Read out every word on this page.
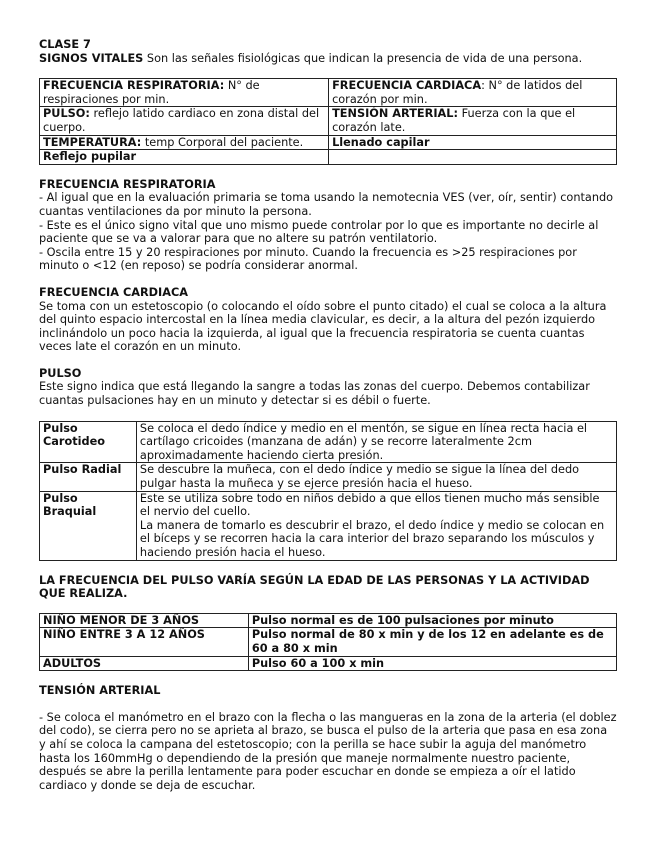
CLASE 7

SIGNOS VITALES Son las señales fisiológicas que indican la presencia de vida de una persona.

FRECUENCIA RESPIRATORIA: N° de respiraciones por min.	FRECUENCIA CARDIACA: N° de latidos del corazón por min.
PULSO: reflejo latido cardiaco en zona distal del cuerpo.	TENSIÓN ARTERIAL: Fuerza con la que el corazón late.
TEMPERATURA: temp Corporal del paciente.	Llenado capilar
Reflejo pupilar	

FRECUENCIA RESPIRATORIA

- Al igual que en la evaluación primaria se toma usando la nemotecnia VES (ver, oír, sentir) contando cuantas ventilaciones da por minuto la persona.

- Este es el único signo vital que uno mismo puede controlar por lo que es importante no decirle al paciente que se va a valorar para que no altere su patrón ventilatorio.

- Oscila entre 15 y 20 respiraciones por minuto. Cuando la frecuencia es >25 respiraciones por minuto o <12 (en reposo) se podría considerar anormal.

FRECUENCIA CARDIACA

Se toma con un estetoscopio (o colocando el oído sobre el punto citado) el cual se coloca a la altura del quinto espacio intercostal en la línea media clavicular, es decir, a la altura del pezón izquierdo inclinándolo un poco hacia la izquierda, al igual que la frecuencia respiratoria se cuenta cuantas veces late el corazón en un minuto.

PULSO

Este signo indica que está llegando la sangre a todas las zonas del cuerpo. Debemos contabilizar cuantas pulsaciones hay en un minuto y detectar si es débil o fuerte.

Pulso Carotideo	Se coloca el dedo índice y medio en el mentón, se sigue en línea recta hacia el cartílago cricoides (manzana de adán) y se recorre lateralmente 2cm aproximadamente haciendo cierta presión.
Pulso Radial	Se descubre la muñeca, con el dedo índice y medio se sigue la línea del dedo pulgar hasta la muñeca y se ejerce presión hacia el hueso.
Pulso Braquial	Este se utiliza sobre todo en niños debido a que ellos tienen mucho más sensible el nervio del cuello.

La manera de tomarlo es descubrir el brazo, el dedo índice y medio se colocan en el bíceps y se recorren hacia la cara interior del brazo separando los músculos y haciendo presión hacia el hueso.

LA FRECUENCIA DEL PULSO VARÍA SEGÚN LA EDAD DE LAS PERSONAS Y LA ACTIVIDAD QUE REALIZA.

NIÑO MENOR DE 3 AÑOS	Pulso normal es de 100 pulsaciones por minuto
NIÑO ENTRE 3 A 12 AÑOS	Pulso normal de 80 x min y de los 12 en adelante es de 60 a 80 x min
ADULTOS	Pulso 60 a 100 x min

TENSIÓN ARTERIAL

- Se coloca el manómetro en el brazo con la flecha o las mangueras en la zona de la arteria (el doblez del codo), se cierra pero no se aprieta al brazo, se busca el pulso de la arteria que pasa en esa zona y ahí se coloca la campana del estetoscopio; con la perilla se hace subir la aguja del manómetro hasta los 160mmHg o dependiendo de la presión que maneje normalmente nuestro paciente, después se abre la perilla lentamente para poder escuchar en donde se empieza a oír el latido cardiaco y donde se deja de escuchar.
